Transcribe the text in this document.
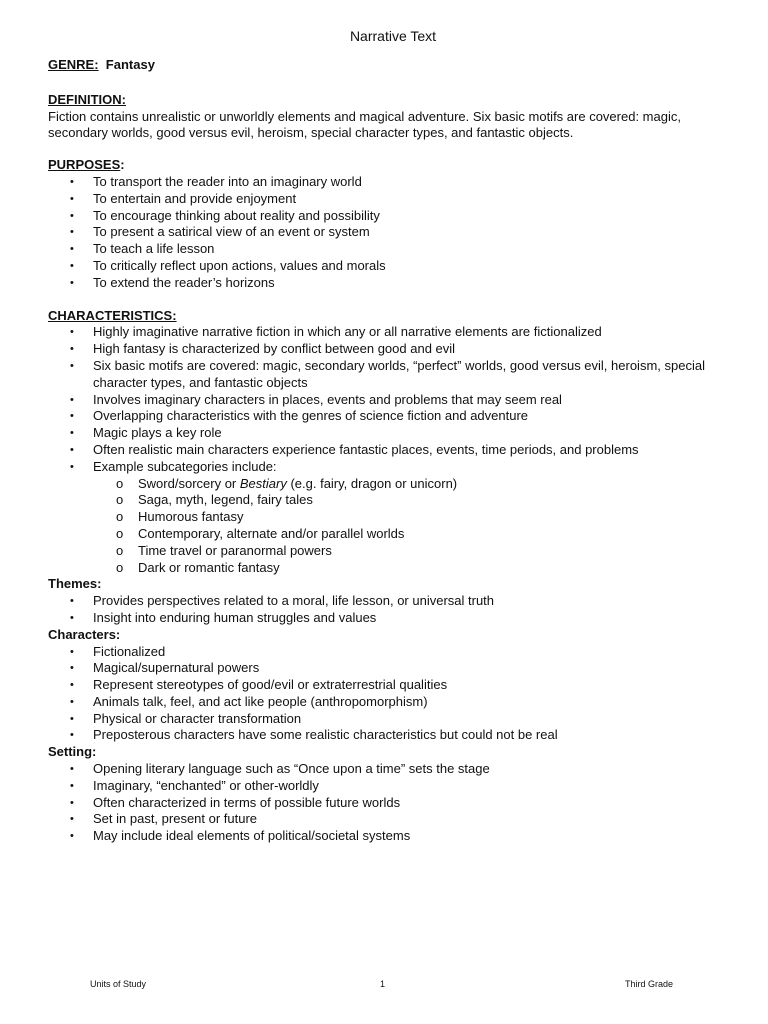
Narrative Text
GENRE: Fantasy
DEFINITION:
Fiction contains unrealistic or unworldly elements and magical adventure. Six basic motifs are covered: magic, secondary worlds, good versus evil, heroism, special character types, and fantastic objects.
PURPOSES:
• To transport the reader into an imaginary world
• To entertain and provide enjoyment
• To encourage thinking about reality and possibility
• To present a satirical view of an event or system
• To teach a life lesson
• To critically reflect upon actions, values and morals
• To extend the reader’s horizons
CHARACTERISTICS:
• Highly imaginative narrative fiction in which any or all narrative elements are fictionalized
• High fantasy is characterized by conflict between good and evil
• Six basic motifs are covered: magic, secondary worlds, “perfect” worlds, good versus evil, heroism, special character types, and fantastic objects
• Involves imaginary characters in places, events and problems that may seem real
• Overlapping characteristics with the genres of science fiction and adventure
• Magic plays a key role
• Often realistic main characters experience fantastic places, events, time periods, and problems
• Example subcategories include:
o Sword/sorcery or Bestiary (e.g. fairy, dragon or unicorn)
o Saga, myth, legend, fairy tales
o Humorous fantasy
o Contemporary, alternate and/or parallel worlds
o Time travel or paranormal powers
o Dark or romantic fantasy
Themes:
• Provides perspectives related to a moral, life lesson, or universal truth
• Insight into enduring human struggles and values
Characters:
• Fictionalized
• Magical/supernatural powers
• Represent stereotypes of good/evil or extraterrestrial qualities
• Animals talk, feel, and act like people (anthropomorphism)
• Physical or character transformation
• Preposterous characters have some realistic characteristics but could not be real
Setting:
• Opening literary language such as “Once upon a time” sets the stage
• Imaginary, “enchanted” or other-worldly
• Often characterized in terms of possible future worlds
• Set in past, present or future
• May include ideal elements of political/societal systems
Units of Study	1	Third Grade
